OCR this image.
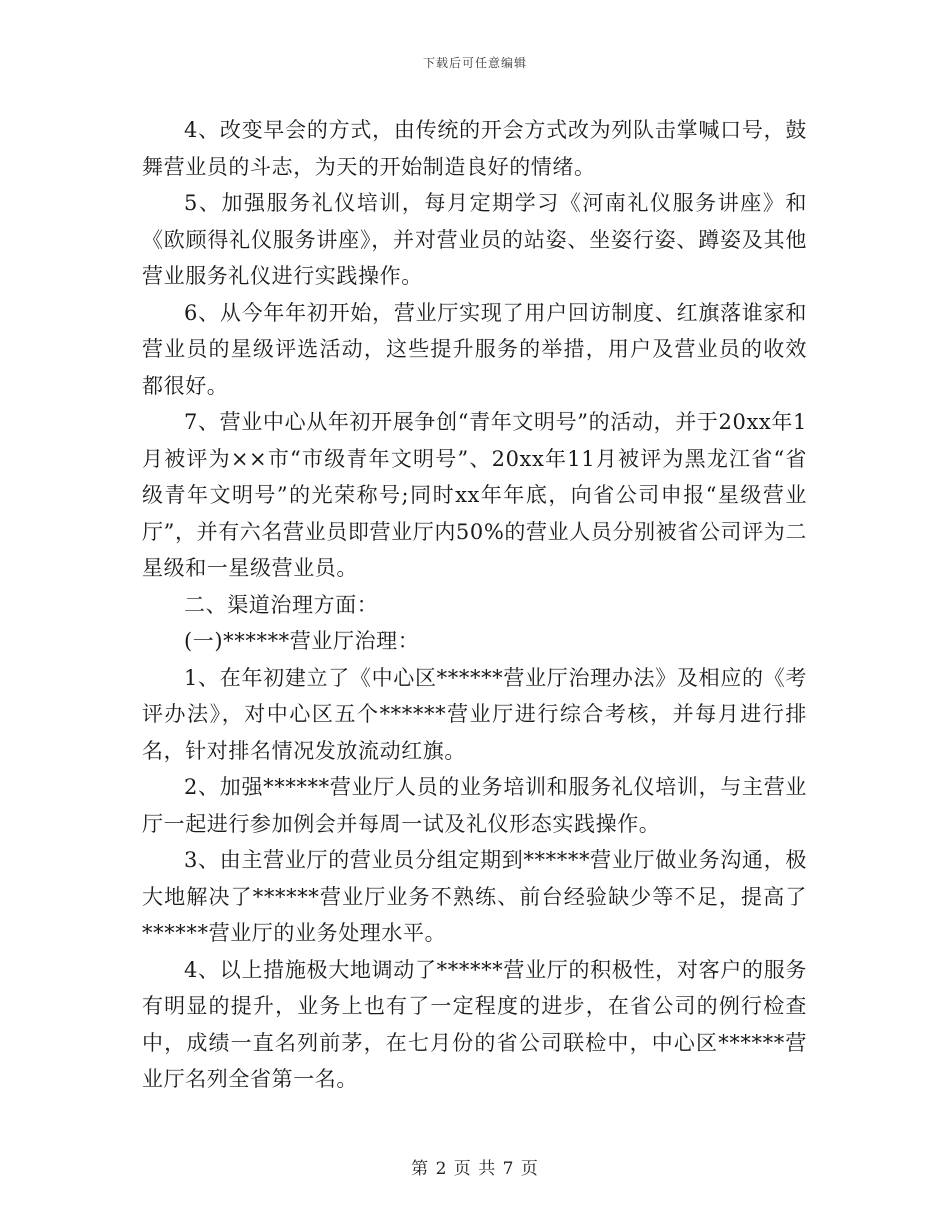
下载后可任意编辑

4、改变早会的方式，由传统的开会方式改为列队击掌喊口号，鼓舞营业员的斗志，为天的开始制造良好的情绪。

5、加强服务礼仪培训，每月定期学习《河南礼仪服务讲座》和《欧顾得礼仪服务讲座》，并对营业员的站姿、坐姿行姿、蹲姿及其他营业服务礼仪进行实践操作。

6、从今年年初开始，营业厅实现了用户回访制度、红旗落谁家和营业员的星级评选活动，这些提升服务的举措，用户及营业员的收效都很好。

7、营业中心从年初开展争创“青年文明号”的活动，并于20xx年1月被评为××市“市级青年文明号”、20xx年11月被评为黑龙江省“省级青年文明号”的光荣称号;同时xx年年底，向省公司申报“星级营业厅”，并有六名营业员即营业厅内50%的营业人员分别被省公司评为二星级和一星级营业员。

二、渠道治理方面：

(一)******营业厅治理：

1、在年初建立了《中心区******营业厅治理办法》及相应的《考评办法》，对中心区五个******营业厅进行综合考核，并每月进行排名，针对排名情况发放流动红旗。

2、加强******营业厅人员的业务培训和服务礼仪培训，与主营业厅一起进行参加例会并每周一试及礼仪形态实践操作。

3、由主营业厅的营业员分组定期到******营业厅做业务沟通，极大地解决了******营业厅业务不熟练、前台经验缺少等不足，提高了******营业厅的业务处理水平。

4、以上措施极大地调动了******营业厅的积极性，对客户的服务有明显的提升，业务上也有了一定程度的进步，在省公司的例行检查中，成绩一直名列前茅，在七月份的省公司联检中，中心区******营业厅名列全省第一名。

第 2 页 共 7 页
